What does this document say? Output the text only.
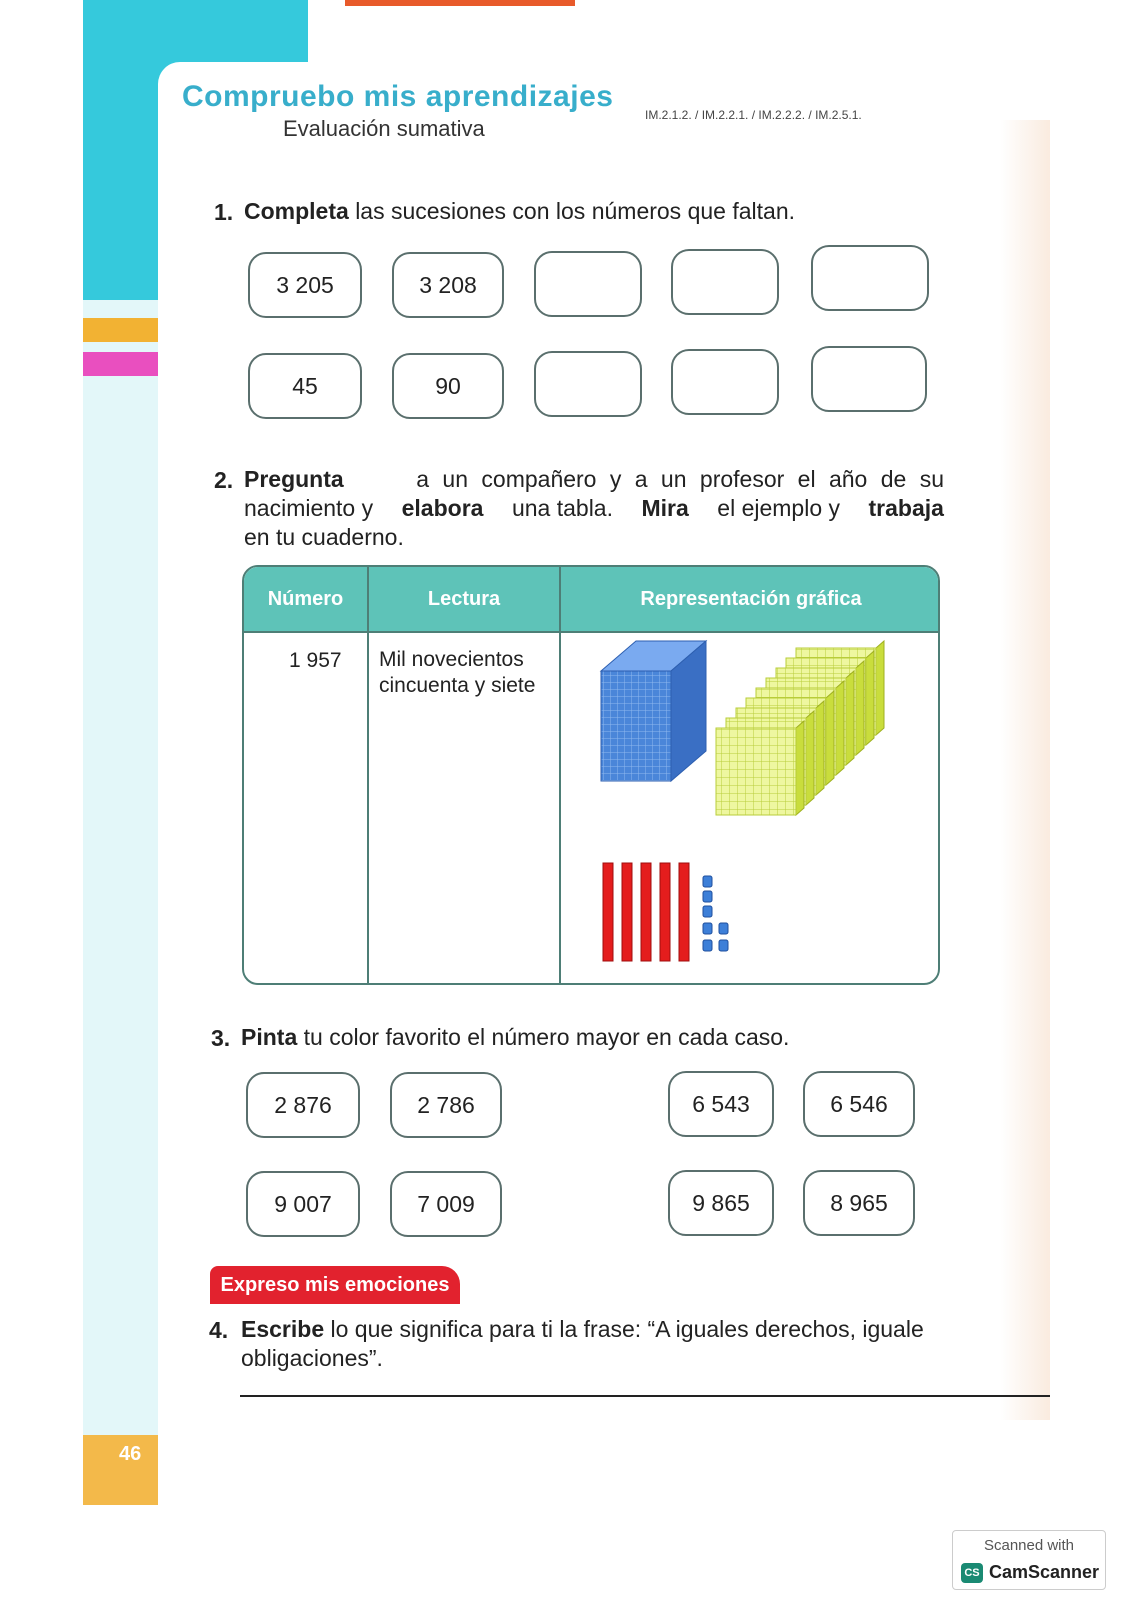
Compruebo mis aprendizajes
Evaluación sumativa
IM.2.1.2. / IM.2.2.1. / IM.2.2.2. / IM.2.5.1.
1. Completa las sucesiones con los números que faltan.
3 205	3 208
45	90
2. Pregunta	a un compañero y a un profesor el año de su
nacimiento y elabora una tabla. Mira el ejemplo y trabaja
en tu cuaderno.
Número	Lectura	Representación gráfica
1 957 Mil novecientos
cincuenta y siete
3. Pinta tu color favorito el número mayor en cada caso.
2 876	2 786	6 543	6 546
9 007	7 009	9 865	8 965
Expreso mis emociones
4. Escribe lo que significa para ti la frase: “A iguales derechos, iguale
obligaciones”.
46
Scanned with
CS CamScanner
